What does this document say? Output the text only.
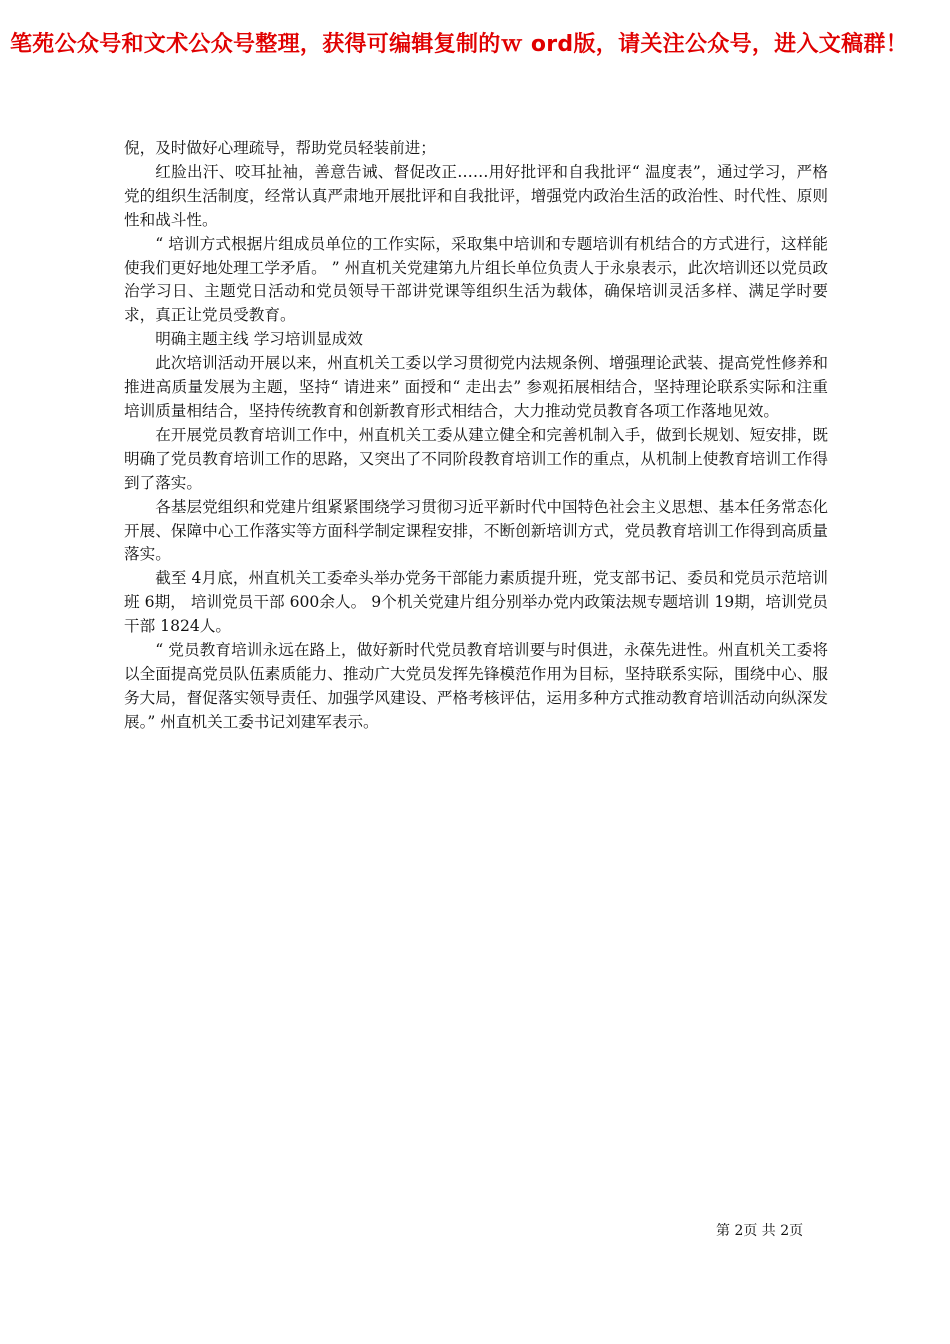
笔苑公众号和文术公众号整理，获得可编辑复制的ｗ ord版，请关注公众号，进入文稿群！

倪，及时做好心理疏导，帮助党员轻装前进；

红脸出汗、咬耳扯袖，善意告诫、督促改正……用好批评和自我批评“ 温度表”，通过学习，严格党的组织生活制度，经常认真严肃地开展批评和自我批评，增强党内政治生活的政治性、时代性、原则性和战斗性。

“ 培训方式根据片组成员单位的工作实际，采取集中培训和专题培训有机结合的方式进行，这样能使我们更好地处理工学矛盾。 ” 州直机关党建第九片组长单位负责人于永泉表示，此次培训还以党员政治学习日、主题党日活动和党员领导干部讲党课等组织生活为载体，确保培训灵活多样、满足学时要求，真正让党员受教育。

明确主题主线 学习培训显成效

此次培训活动开展以来，州直机关工委以学习贯彻党内法规条例、增强理论武装、提高党性修养和推进高质量发展为主题，坚持“ 请进来” 面授和“ 走出去” 参观拓展相结合，坚持理论联系实际和注重培训质量相结合，坚持传统教育和创新教育形式相结合，大力推动党员教育各项工作落地见效。

在开展党员教育培训工作中，州直机关工委从建立健全和完善机制入手，做到长规划、短安排，既明确了党员教育培训工作的思路，又突出了不同阶段教育培训工作的重点，从机制上使教育培训工作得到了落实。

各基层党组织和党建片组紧紧围绕学习贯彻习近平新时代中国特色社会主义思想、基本任务常态化开展、保障中心工作落实等方面科学制定课程安排，不断创新培训方式，党员教育培训工作得到高质量落实。

截至 4月底，州直机关工委牵头举办党务干部能力素质提升班，党支部书记、委员和党员示范培训班 6期， 培训党员干部 600余人。 9个机关党建片组分别举办党内政策法规专题培训 19期，培训党员干部 1824人。

“ 党员教育培训永远在路上，做好新时代党员教育培训要与时俱进，永葆先进性。州直机关工委将以全面提高党员队伍素质能力、推动广大党员发挥先锋模范作用为目标，坚持联系实际，围绕中心、服务大局，督促落实领导责任、加强学风建设、严格考核评估，运用多种方式推动教育培训活动向纵深发展。” 州直机关工委书记刘建军表示。

第 2页 共 2页
